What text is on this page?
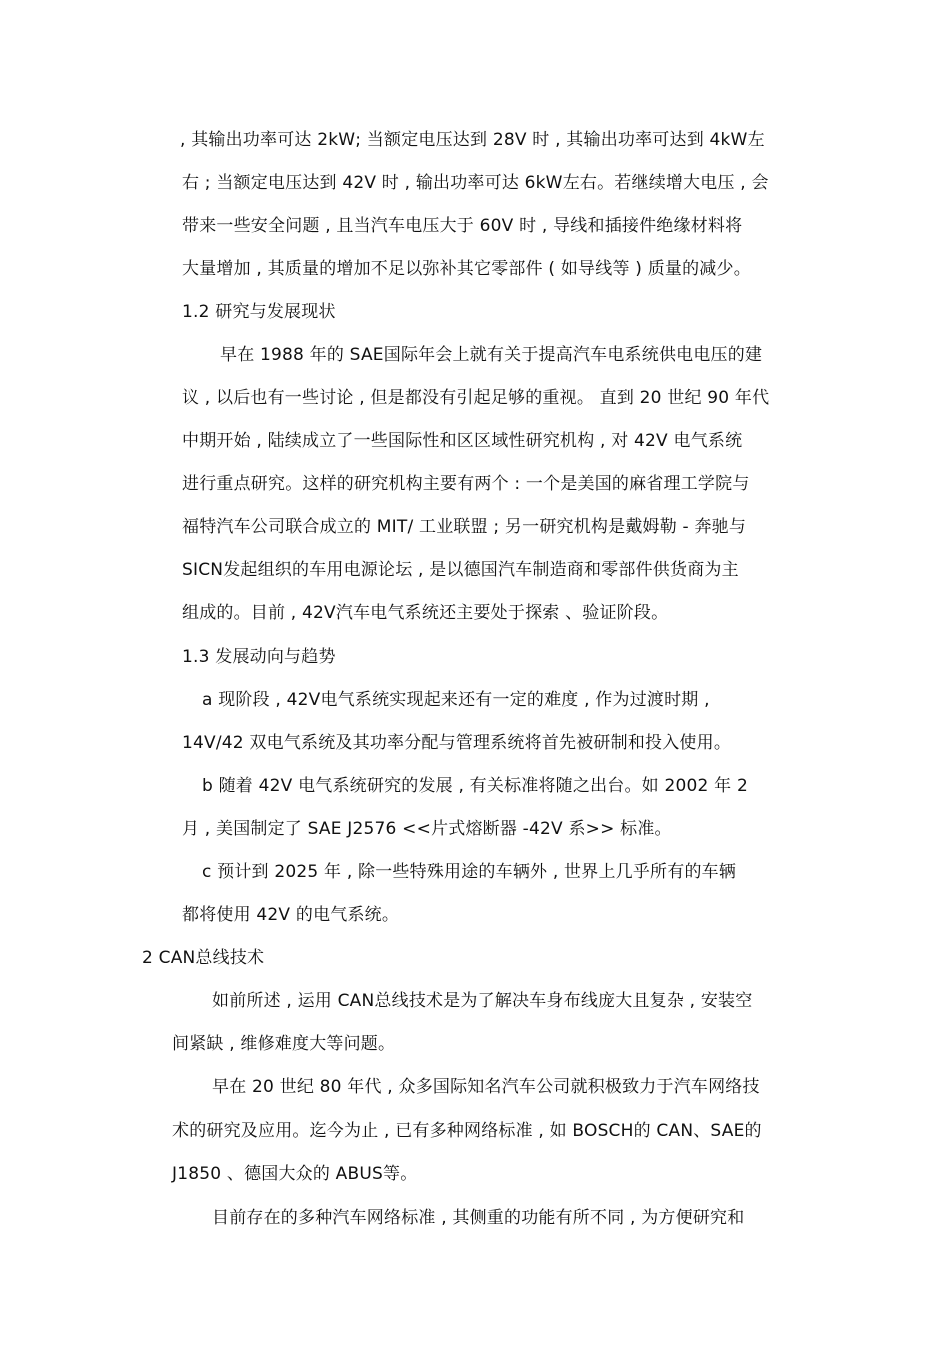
, 其输出功率可达 2kW; 当额定电压达到 28V 时 , 其输出功率可达到 4kW左
右 ; 当额定电压达到 42V 时 , 输出功率可达 6kW左右。若继续增大电压 , 会
带来一些安全问题 , 且当汽车电压大于 60V 时 , 导线和插接件绝缘材料将
大量增加 , 其质量的增加不足以弥补其它零部件 ( 如导线等 ) 质量的减少。
1.2 研究与发展现状
早在 1988 年的 SAE国际年会上就有关于提高汽车电系统供电电压的建
议 , 以后也有一些讨论 , 但是都没有引起足够的重视。 直到 20 世纪 90 年代
中期开始 , 陆续成立了一些国际性和区区域性研究机构 , 对 42V 电气系统
进行重点研究。这样的研究机构主要有两个 : 一个是美国的麻省理工学院与
福特汽车公司联合成立的 MIT/ 工业联盟 ; 另一研究机构是戴姆勒 - 奔驰与
SICN发起组织的车用电源论坛 , 是以德国汽车制造商和零部件供货商为主
组成的。目前 , 42V汽车电气系统还主要处于探索 、验证阶段。
1.3 发展动向与趋势
a 现阶段 , 42V电气系统实现起来还有一定的难度 , 作为过渡时期 ,
14V/42 双电气系统及其功率分配与管理系统将首先被研制和投入使用。
b 随着 42V 电气系统研究的发展 , 有关标准将随之出台。如 2002 年 2
月 , 美国制定了 SAE J2576 <<片式熔断器 -42V 系>> 标准。
c 预计到 2025 年 , 除一些特殊用途的车辆外 , 世界上几乎所有的车辆
都将使用 42V 的电气系统。
2 CAN总线技术
如前所述 , 运用 CAN总线技术是为了解决车身布线庞大且复杂 , 安装空
间紧缺 , 维修难度大等问题。
早在 20 世纪 80 年代 , 众多国际知名汽车公司就积极致力于汽车网络技
术的研究及应用。迄今为止 , 已有多种网络标准 , 如 BOSCH的 CAN、SAE的
J1850 、德国大众的 ABUS等。
目前存在的多种汽车网络标准 , 其侧重的功能有所不同 , 为方便研究和
